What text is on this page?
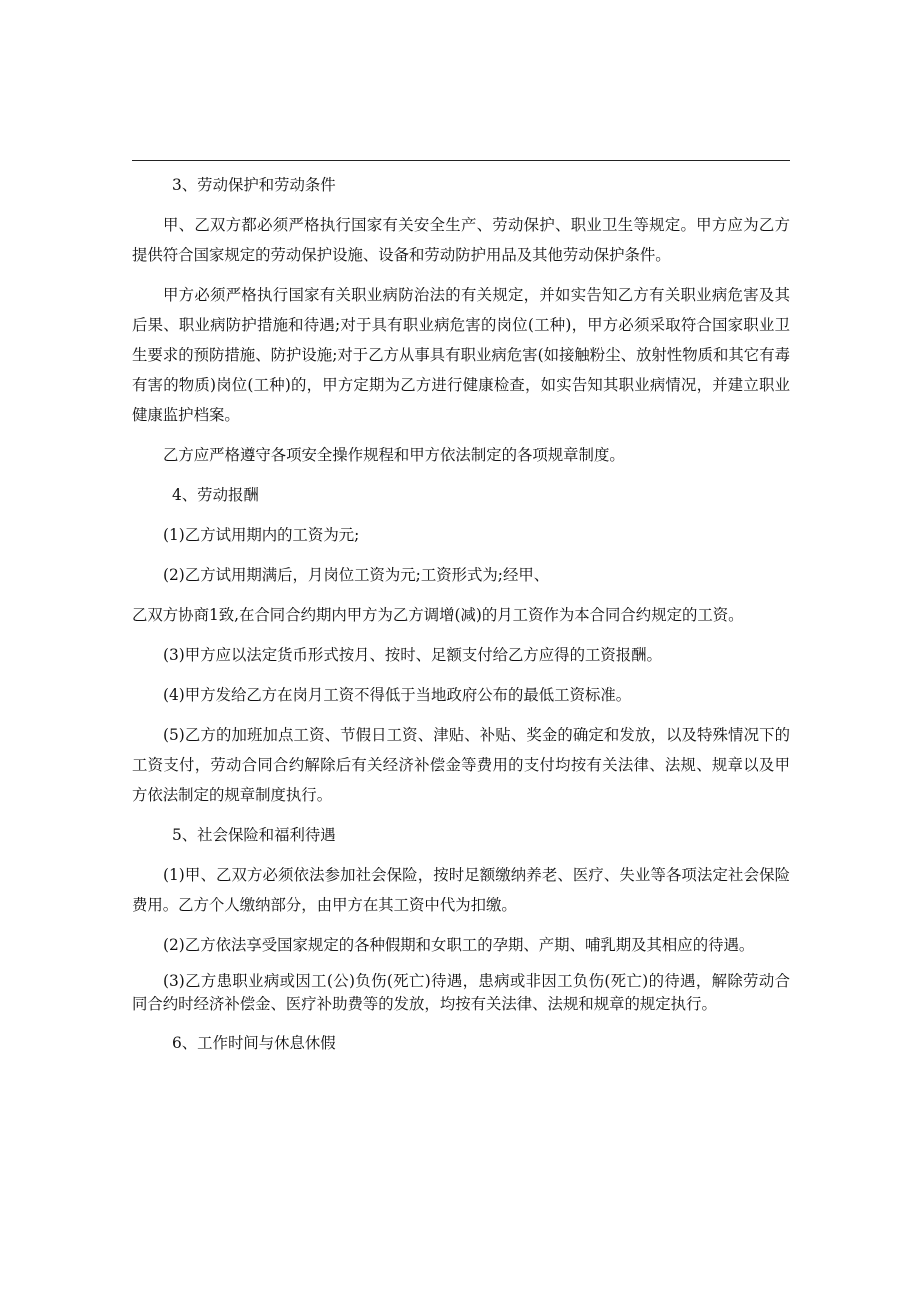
3、劳动保护和劳动条件

甲、乙双方都必须严格执行国家有关安全生产、劳动保护、职业卫生等规定。甲方应为乙方提供符合国家规定的劳动保护设施、设备和劳动防护用品及其他劳动保护条件。

甲方必须严格执行国家有关职业病防治法的有关规定，并如实告知乙方有关职业病危害及其后果、职业病防护措施和待遇;对于具有职业病危害的岗位(工种)，甲方必须采取符合国家职业卫生要求的预防措施、防护设施;对于乙方从事具有职业病危害(如接触粉尘、放射性物质和其它有毒有害的物质)岗位(工种)的，甲方定期为乙方进行健康检查，如实告知其职业病情况，并建立职业健康监护档案。

乙方应严格遵守各项安全操作规程和甲方依法制定的各项规章制度。

4、劳动报酬

(1)乙方试用期内的工资为元;

(2)乙方试用期满后，月岗位工资为元;工资形式为;经甲、

乙双方协商1致,在合同合约期内甲方为乙方调增(减)的月工资作为本合同合约规定的工资。

(3)甲方应以法定货币形式按月、按时、足额支付给乙方应得的工资报酬。

(4)甲方发给乙方在岗月工资不得低于当地政府公布的最低工资标准。

(5)乙方的加班加点工资、节假日工资、津贴、补贴、奖金的确定和发放，以及特殊情况下的工资支付，劳动合同合约解除后有关经济补偿金等费用的支付均按有关法律、法规、规章以及甲方依法制定的规章制度执行。

5、社会保险和福利待遇

(1)甲、乙双方必须依法参加社会保险，按时足额缴纳养老、医疗、失业等各项法定社会保险费用。乙方个人缴纳部分，由甲方在其工资中代为扣缴。

(2)乙方依法享受国家规定的各种假期和女职工的孕期、产期、哺乳期及其相应的待遇。

(3)乙方患职业病或因工(公)负伤(死亡)待遇，患病或非因工负伤(死亡)的待遇，解除劳动合同合约时经济补偿金、医疗补助费等的发放，均按有关法律、法规和规章的规定执行。

6、工作时间与休息休假
